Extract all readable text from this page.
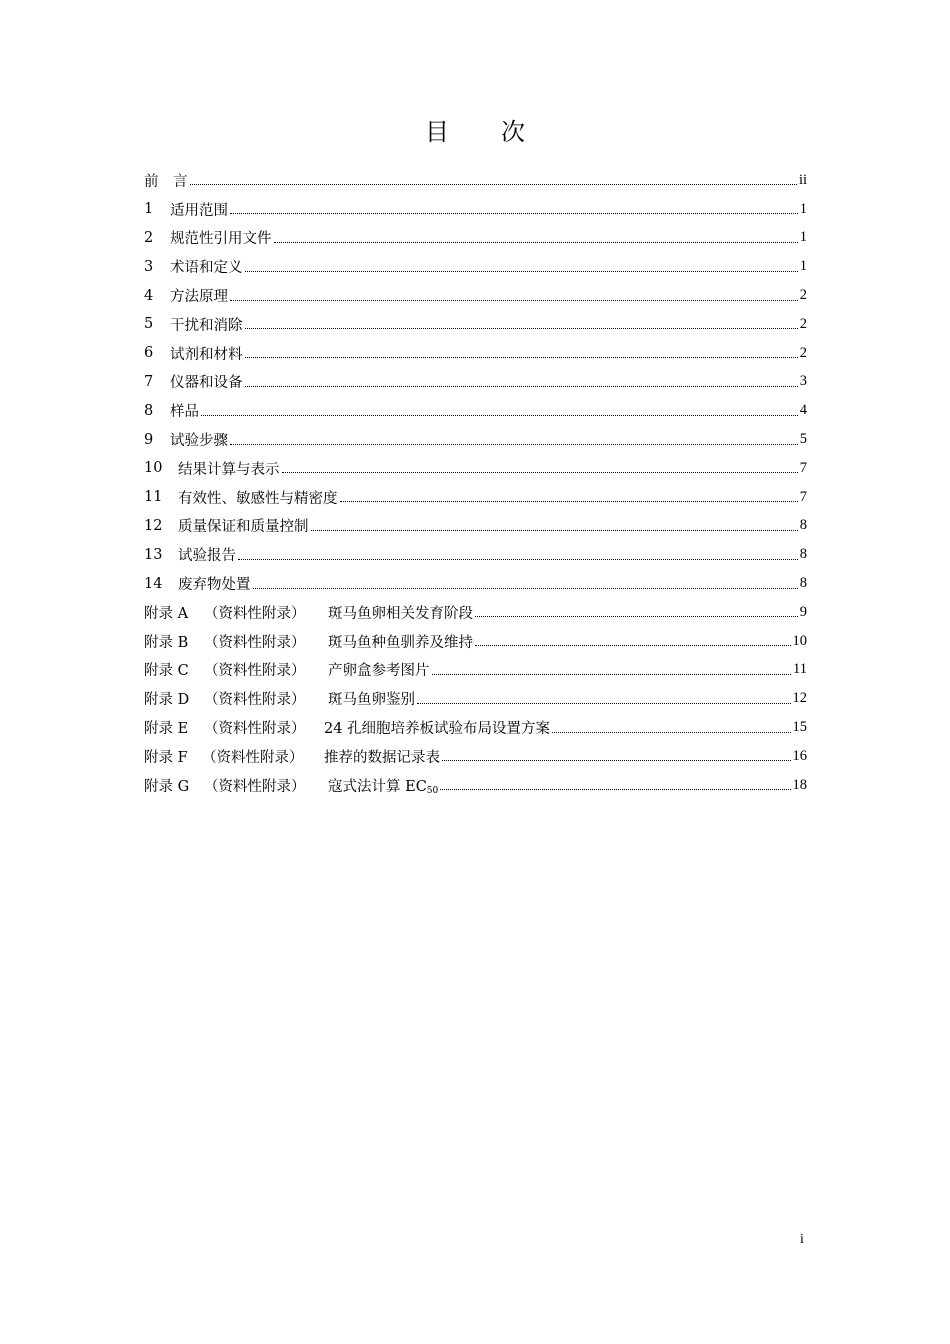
目 次
前　言	ii
1	适用范围	1
2	规范性引用文件	1
3	术语和定义	1
4	方法原理	2
5	干扰和消除	2
6	试剂和材料	2
7	仪器和设备	3
8	样品	4
9	试验步骤	5
10	结果计算与表示	7
11	有效性、敏感性与精密度	7
12	质量保证和质量控制	8
13	试验报告	8
14	废弃物处置	8
附录 A	（资料性附录）	斑马鱼卵相关发育阶段	9
附录 B	（资料性附录）	斑马鱼种鱼驯养及维持	10
附录 C	（资料性附录）	产卵盒参考图片	11
附录 D	（资料性附录）	斑马鱼卵鉴别	12
附录 E	（资料性附录）	24 孔细胞培养板试验布局设置方案	15
附录 F （资料性附录）	推荐的数据记录表	16
附录 G	（资料性附录）	寇式法计算 $EC_{50}$	18
i
